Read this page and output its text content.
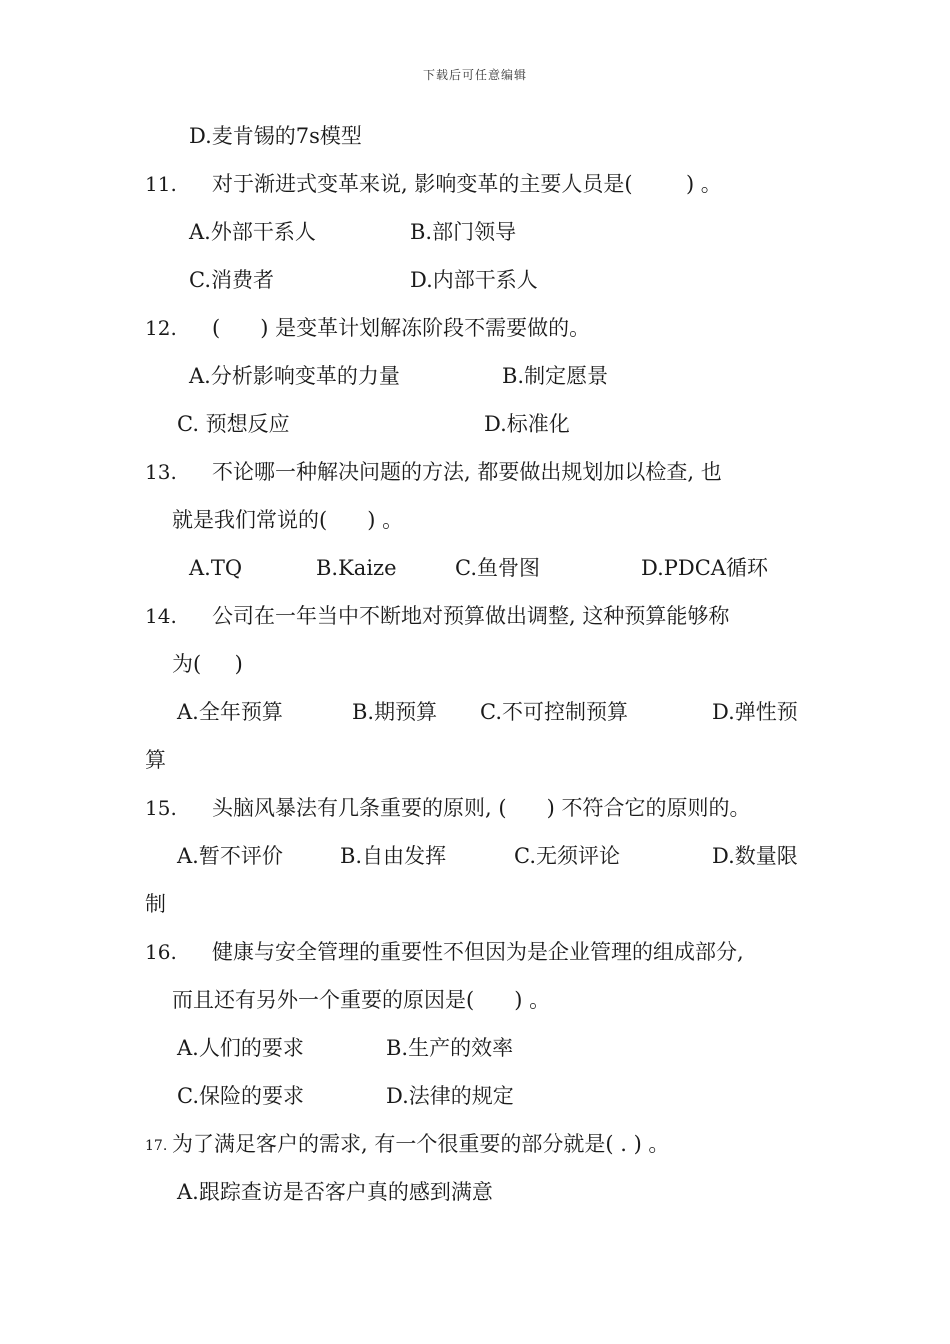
下载后可任意编辑
D.麦肯锡的7s模型
11. 对于渐进式变革来说, 影响变革的主要人员是(        ) 。
A.外部干系人	B.部门领导
C.消费者	D.内部干系人
12. (      ) 是变革计划解冻阶段不需要做的。
A.分析影响变革的力量	B.制定愿景
C. 预想反应	D.标准化
13. 不论哪一种解决问题的方法, 都要做出规划加以检查, 也
就是我们常说的(      ) 。
A.TQ	B.Kaize	C.鱼骨图	D.PDCA循环
14. 公司在一年当中不断地对预算做出调整, 这种预算能够称
为(     )
A.全年预算	B.期预算 C.不可控制预算	D.弹性预
算
15. 头脑风暴法有几条重要的原则, (      ) 不符合它的原则的。
A.暂不评价	B.自由发挥	C.无须评论	D.数量限
制
16. 健康与安全管理的重要性不但因为是企业管理的组成部分,
而且还有另外一个重要的原因是(      ) 。
A.人们的要求	B.生产的效率
C.保险的要求	D.法律的规定
17. 为了满足客户的需求, 有一个很重要的部分就是( . ) 。
A.跟踪查访是否客户真的感到满意
